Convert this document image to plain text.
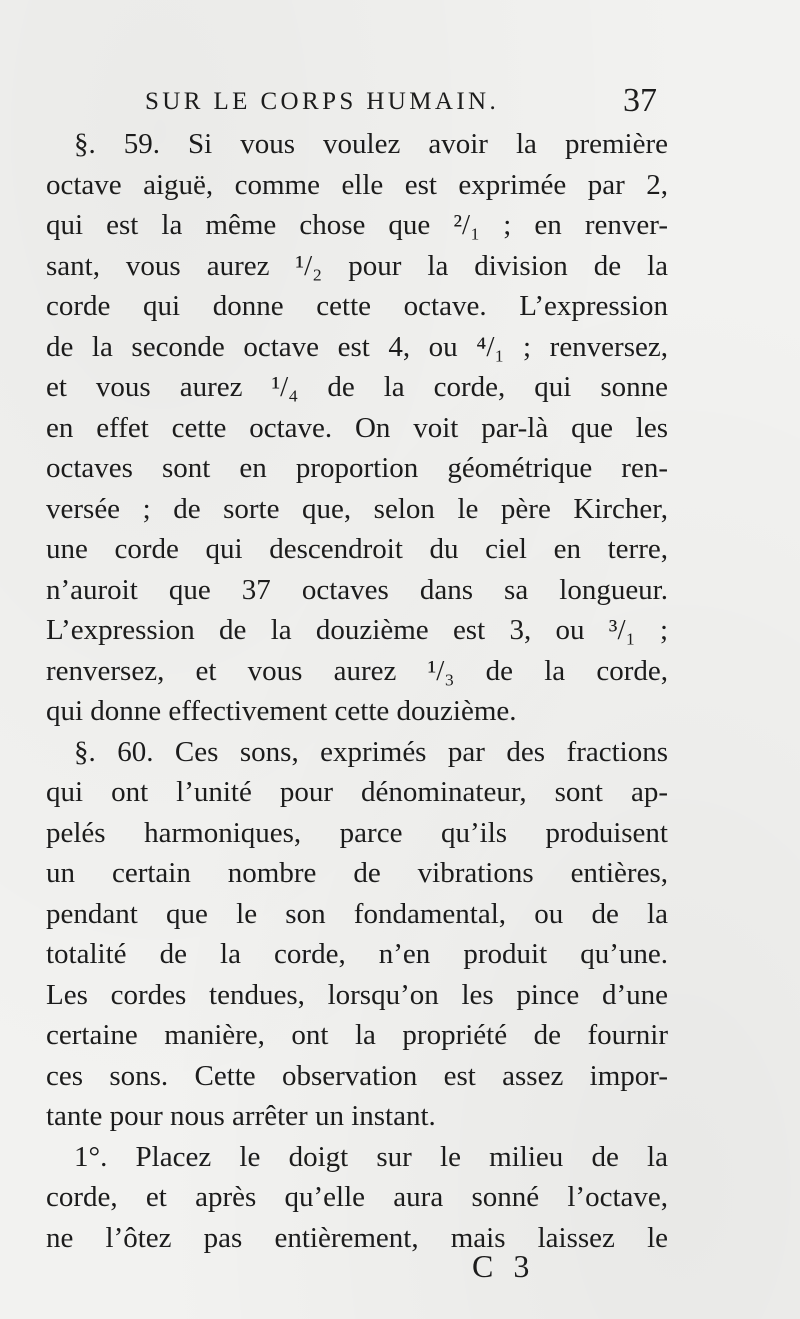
SUR LE CORPS HUMAIN.	37
§. 59. Si vous voulez avoir la première
octave aiguë, comme elle est exprimée par 2,
qui est la même chose que ²/₁ ; en renver-
sant, vous aurez ¹/₂ pour la division de la
corde qui donne cette octave. L’expression
de la seconde octave est 4, ou ⁴/₁ ; renversez,
et vous aurez ¹/₄ de la corde, qui sonne
en effet cette octave. On voit par-là que les
octaves sont en proportion géométrique ren-
versée ; de sorte que, selon le père Kircher,
une corde qui descendroit du ciel en terre,
n’auroit que 37 octaves dans sa longueur.
L’expression de la douzième est 3, ou ³/₁ ;
renversez, et vous aurez ¹/₃ de la corde,
qui donne effectivement cette douzième.
§. 60. Ces sons, exprimés par des fractions
qui ont l’unité pour dénominateur, sont ap-
pelés harmoniques, parce qu’ils produisent
un certain nombre de vibrations entières,
pendant que le son fondamental, ou de la
totalité de la corde, n’en produit qu’une.
Les cordes tendues, lorsqu’on les pince d’une
certaine manière, ont la propriété de fournir
ces sons. Cette observation est assez impor-
tante pour nous arrêter un instant.
1°. Placez le doigt sur le milieu de la
corde, et après qu’elle aura sonné l’octave,
ne l’ôtez pas entièrement, mais laissez le
C 3
